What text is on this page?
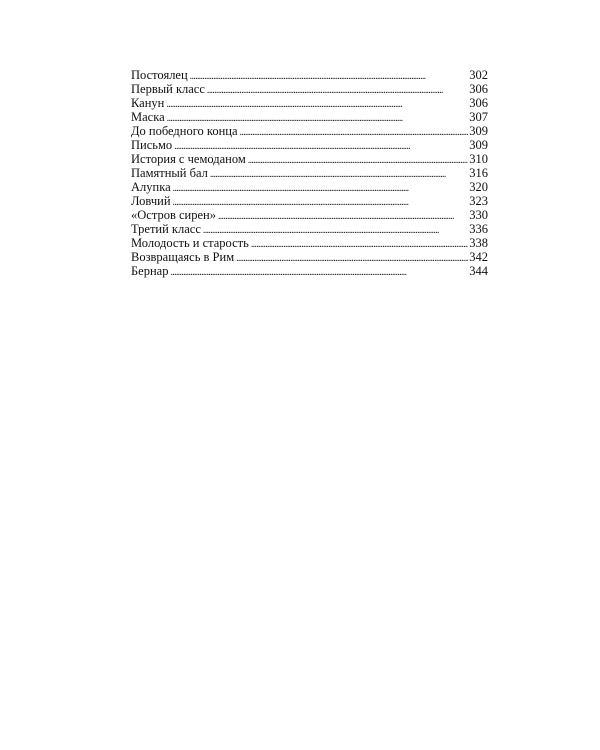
Постоялец . . .	302
Первый класс . . .	306
Канун . . .	306
Маска . . .	307
До победного конца . . .	309
Письмо . . .	309
История с чемоданом . . .	310
Памятный бал . . .	316
Алупка . . .	320
Ловчий . . .	323
«Остров сирен» . . .	330
Третий класс . . .	336
Молодость и старость . . .	338
Возвращаясь в Рим . . .	342
Бернар . . .	344
